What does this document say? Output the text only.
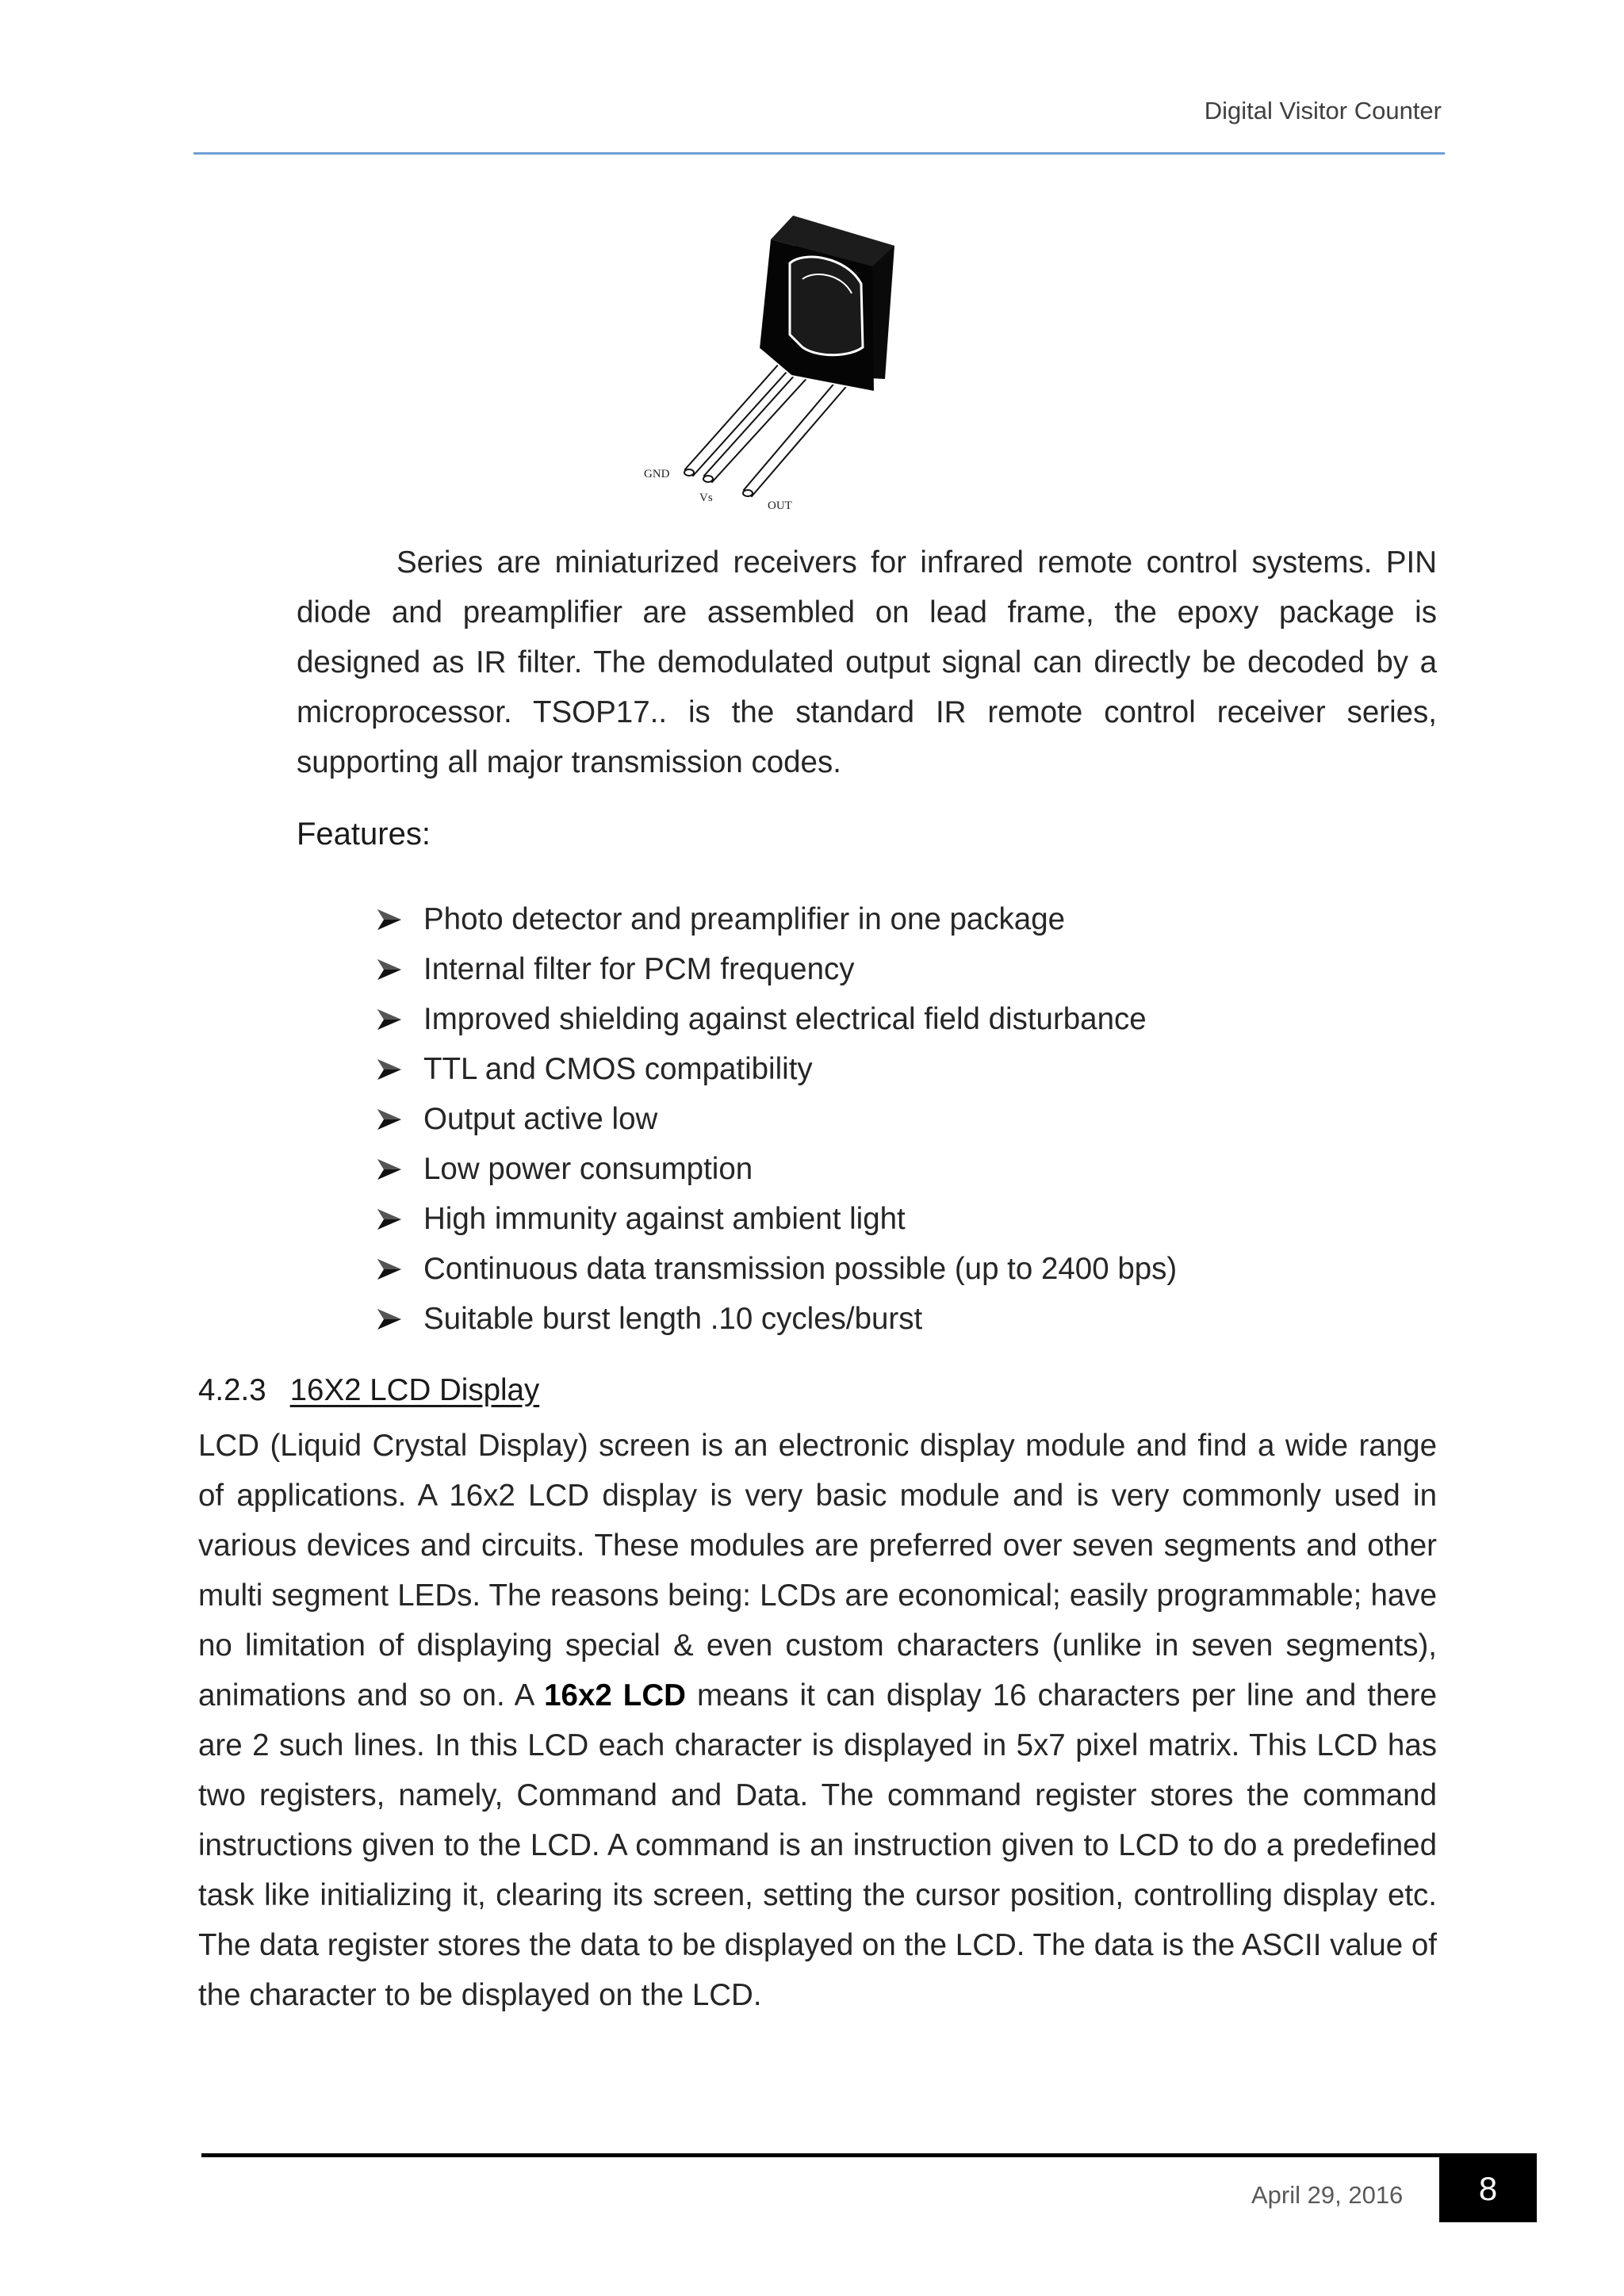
Digital Visitor Counter
GND
Vs
OUT

Series are miniaturized receivers for infrared remote control systems. PIN diode and preamplifier are assembled on lead frame, the epoxy package is designed as IR filter. The demodulated output signal can directly be decoded by a microprocessor. TSOP17.. is the standard IR remote control receiver series, supporting all major transmission codes.

Features:
Photo detector and preamplifier in one package
Internal filter for PCM frequency
Improved shielding against electrical field disturbance
TTL and CMOS compatibility
Output active low
Low power consumption
High immunity against ambient light
Continuous data transmission possible (up to 2400 bps)
Suitable burst length .10 cycles/burst
4.2.3 16X2 LCD Display

LCD (Liquid Crystal Display) screen is an electronic display module and find a wide range of applications. A 16x2 LCD display is very basic module and is very commonly used in various devices and circuits. These modules are preferred over seven segments and other multi segment LEDs. The reasons being: LCDs are economical; easily programmable; have no limitation of displaying special & even custom characters (unlike in seven segments), animations and so on. A 16x2 LCD means it can display 16 characters per line and there are 2 such lines. In this LCD each character is displayed in 5x7 pixel matrix. This LCD has two registers, namely, Command and Data. The command register stores the command instructions given to the LCD. A command is an instruction given to LCD to do a predefined task like initializing it, clearing its screen, setting the cursor position, controlling display etc. The data register stores the data to be displayed on the LCD. The data is the ASCII value of the character to be displayed on the LCD.

April 29, 2016	8
